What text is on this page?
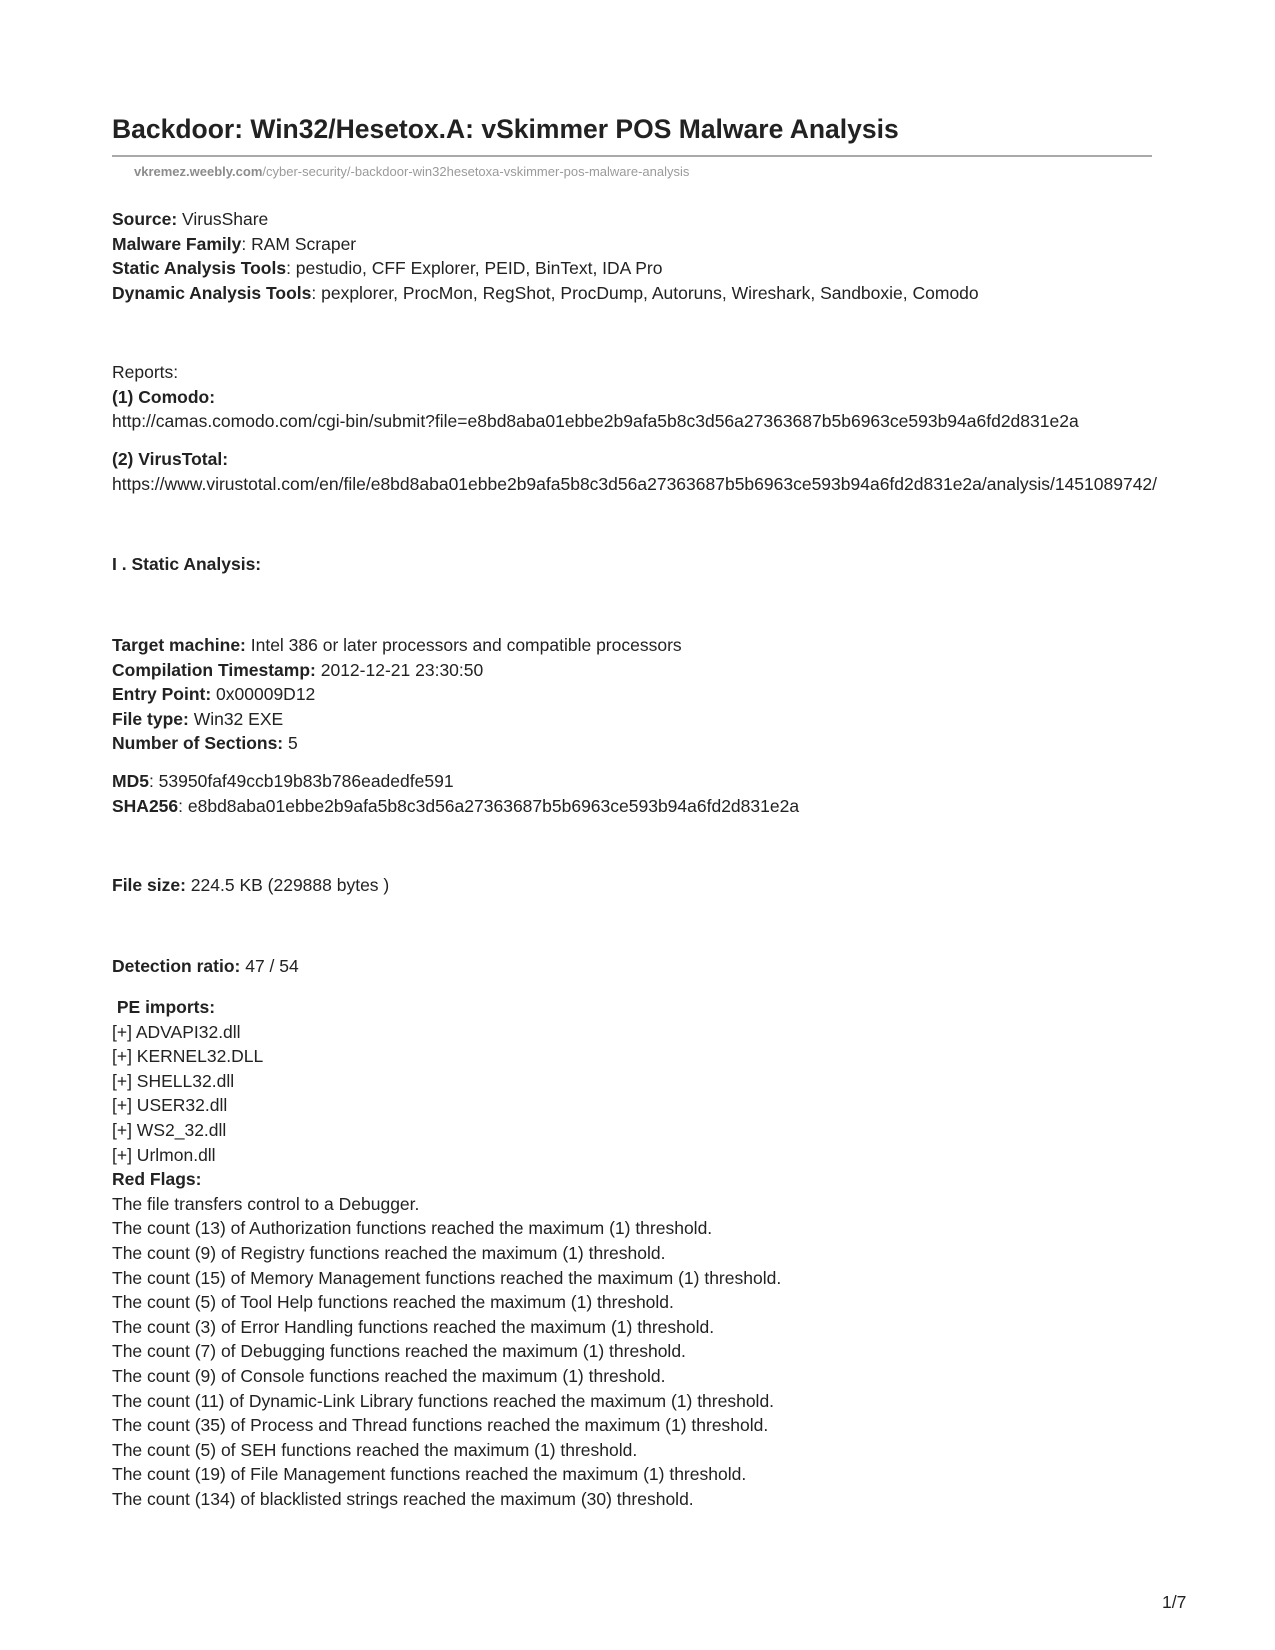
Backdoor: Win32/Hesetox.A: vSkimmer POS Malware Analysis
vkremez.weebly.com/cyber-security/-backdoor-win32hesetoxa-vskimmer-pos-malware-analysis
Source: VirusShare
Malware Family: RAM Scraper
Static Analysis Tools: pestudio, CFF Explorer, PEID, BinText, IDA Pro
Dynamic Analysis Tools: pexplorer, ProcMon, RegShot, ProcDump, Autoruns, Wireshark, Sandboxie, Comodo
Reports:
(1) Comodo:
http://camas.comodo.com/cgi-bin/submit?file=e8bd8aba01ebbe2b9afa5b8c3d56a27363687b5b6963ce593b94a6fd2d831e2a
(2) VirusTotal:
https://www.virustotal.com/en/file/e8bd8aba01ebbe2b9afa5b8c3d56a27363687b5b6963ce593b94a6fd2d831e2a/analysis/1451089742/
I . Static Analysis:
Target machine: Intel 386 or later processors and compatible processors
Compilation Timestamp: 2012-12-21 23:30:50
Entry Point: 0x00009D12
File type: Win32 EXE
Number of Sections: 5
MD5: 53950faf49ccb19b83b786eadedfe591
SHA256: e8bd8aba01ebbe2b9afa5b8c3d56a27363687b5b6963ce593b94a6fd2d831e2a
File size: 224.5 KB (229888 bytes )
Detection ratio: 47 / 54
PE imports:
[+] ADVAPI32.dll
[+] KERNEL32.DLL
[+] SHELL32.dll
[+] USER32.dll
[+] WS2_32.dll
[+] Urlmon.dll
Red Flags:
The file transfers control to a Debugger.
The count (13) of Authorization functions reached the maximum (1) threshold.
The count (9) of Registry functions reached the maximum (1) threshold.
The count (15) of Memory Management functions reached the maximum (1) threshold.
The count (5) of Tool Help functions reached the maximum (1) threshold.
The count (3) of Error Handling functions reached the maximum (1) threshold.
The count (7) of Debugging functions reached the maximum (1) threshold.
The count (9) of Console functions reached the maximum (1) threshold.
The count (11) of Dynamic-Link Library functions reached the maximum (1) threshold.
The count (35) of Process and Thread functions reached the maximum (1) threshold.
The count (5) of SEH functions reached the maximum (1) threshold.
The count (19) of File Management functions reached the maximum (1) threshold.
The count (134) of blacklisted strings reached the maximum (30) threshold.
1/7
